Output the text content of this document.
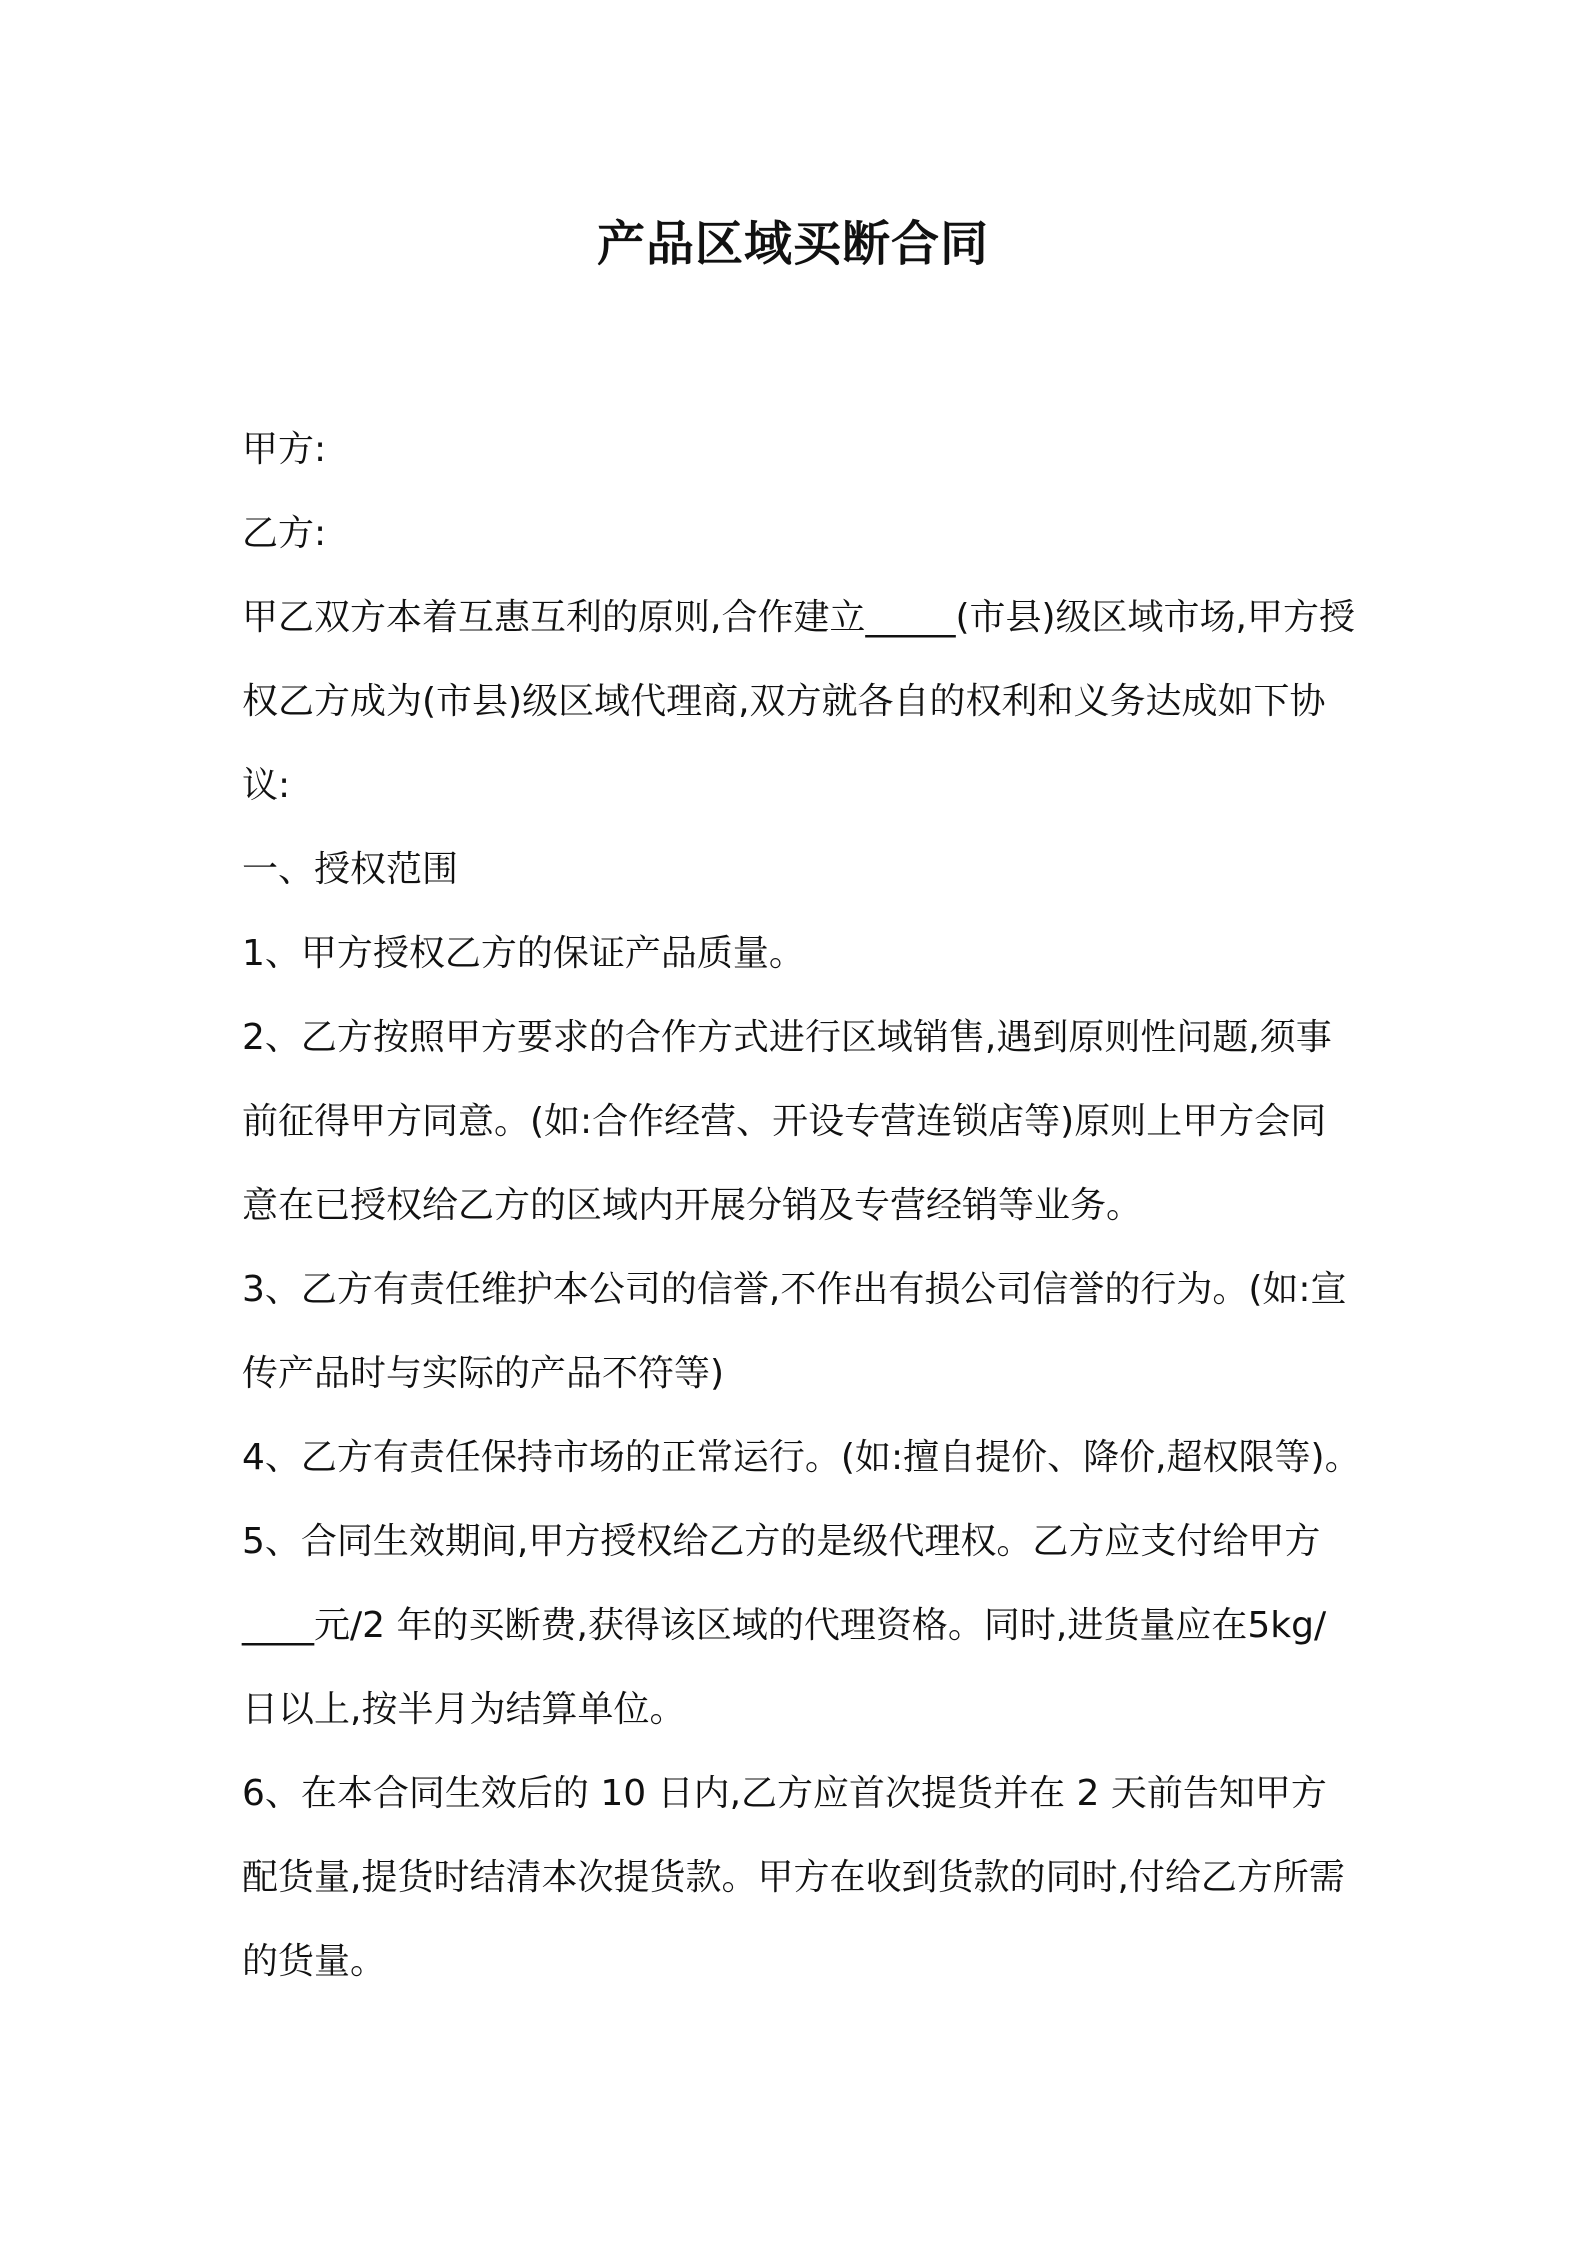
产品区域买断合同

甲方:

乙方:

甲乙双方本着互惠互利的原则,合作建立_____(市县)级区域市场,甲方授权乙方成为(市县)级区域代理商,双方就各自的权利和义务达成如下协议:

一、授权范围

1、甲方授权乙方的保证产品质量。

2、乙方按照甲方要求的合作方式进行区域销售,遇到原则性问题,须事前征得甲方同意。(如:合作经营、开设专营连锁店等)原则上甲方会同意在已授权给乙方的区域内开展分销及专营经销等业务。

3、乙方有责任维护本公司的信誉,不作出有损公司信誉的行为。(如:宣传产品时与实际的产品不符等)

4、乙方有责任保持市场的正常运行。(如:擅自提价、降价,超权限等)。

5、合同生效期间,甲方授权给乙方的是级代理权。乙方应支付给甲方____元/2 年的买断费,获得该区域的代理资格。同时,进货量应在5kg/日以上,按半月为结算单位。

6、在本合同生效后的 10 日内,乙方应首次提货并在 2 天前告知甲方配货量,提货时结清本次提货款。甲方在收到货款的同时,付给乙方所需的货量。
